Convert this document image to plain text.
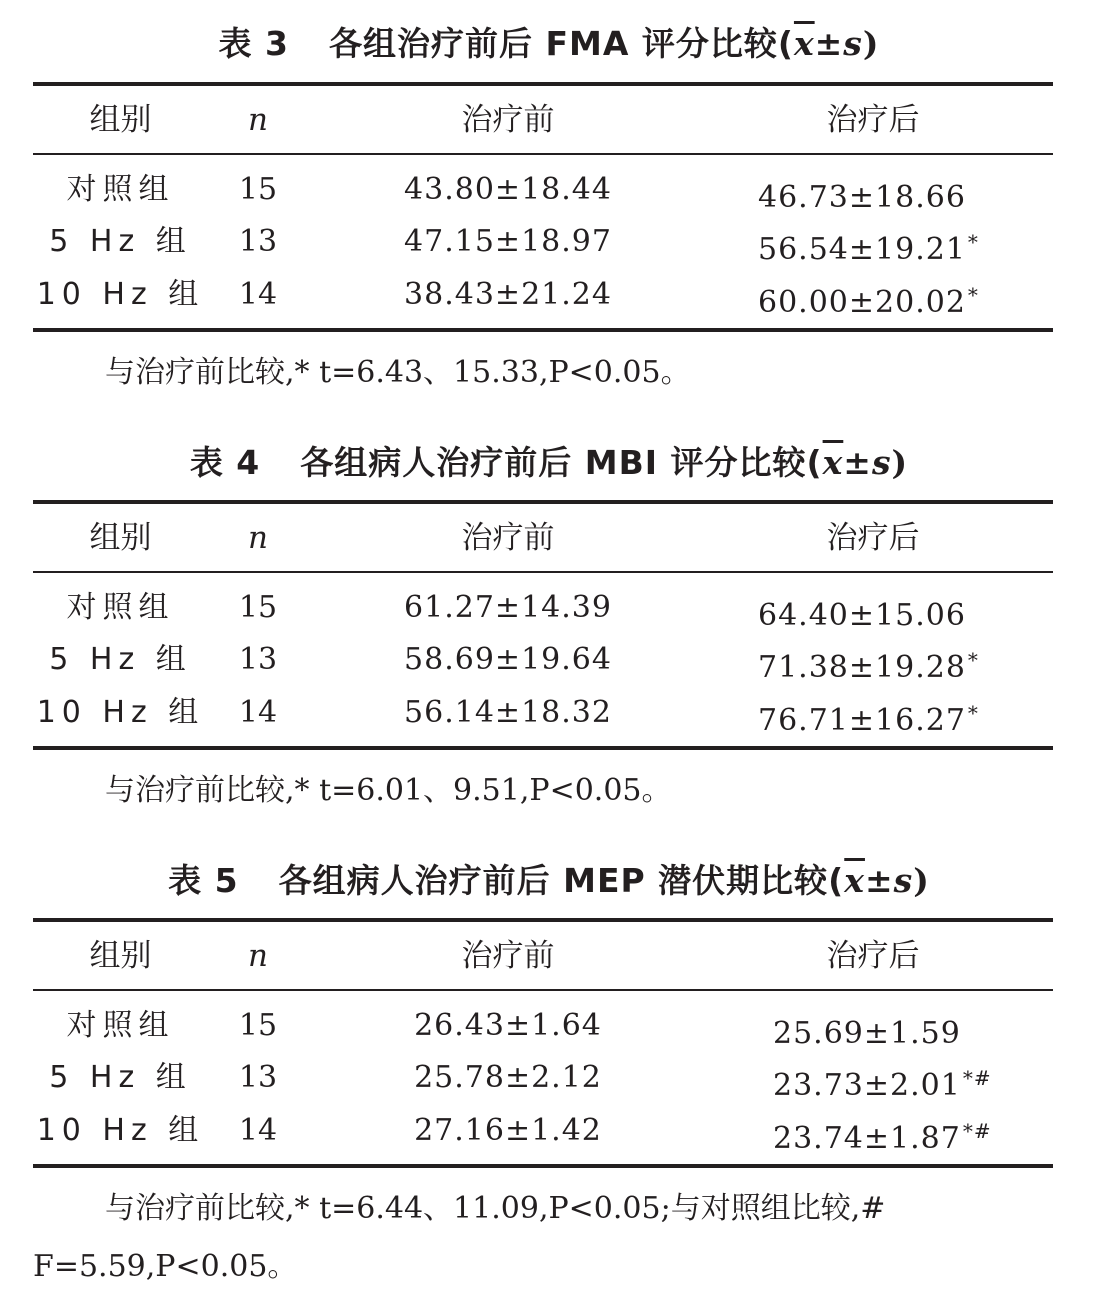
表 3 各组治疗前后 FMA 评分比较$(\overline{x}\pm s)$
组别	n	治疗前	治疗后
对照组	15	43.80±18.44	46.73±18.66
5 Hz 组	13	47.15±18.97	56.54±19.21 *
10 Hz 组	14	38.43±21.24	60.00±20.02 *
与治疗前比较,* t=6.43、15.33,P<0.05。
表 4 各组病人治疗前后 MBI 评分比较$(\overline{x}\pm s)$
组别	n	治疗前	治疗后
对照组	15	61.27±14.39	64.40±15.06
5 Hz 组	13	58.69±19.64	71.38±19.28 *
10 Hz 组	14	56.14±18.32	76.71±16.27 *
与治疗前比较,* t=6.01、9.51,P<0.05。
表 5 各组病人治疗前后 MEP 潜伏期比较$(\overline{x}\pm s)$
组别	n	治疗前	治疗后
对照组	15	26.43±1.64	25.69±1.59
5 Hz 组	13	25.78±2.12	23.73±2.01 *#
10 Hz 组	14	27.16±1.42	23.74±1.87 *#
与治疗前比较,* t=6.44、11.09,P<0.05;与对照组比较,# F=5.59,P<0.05。
